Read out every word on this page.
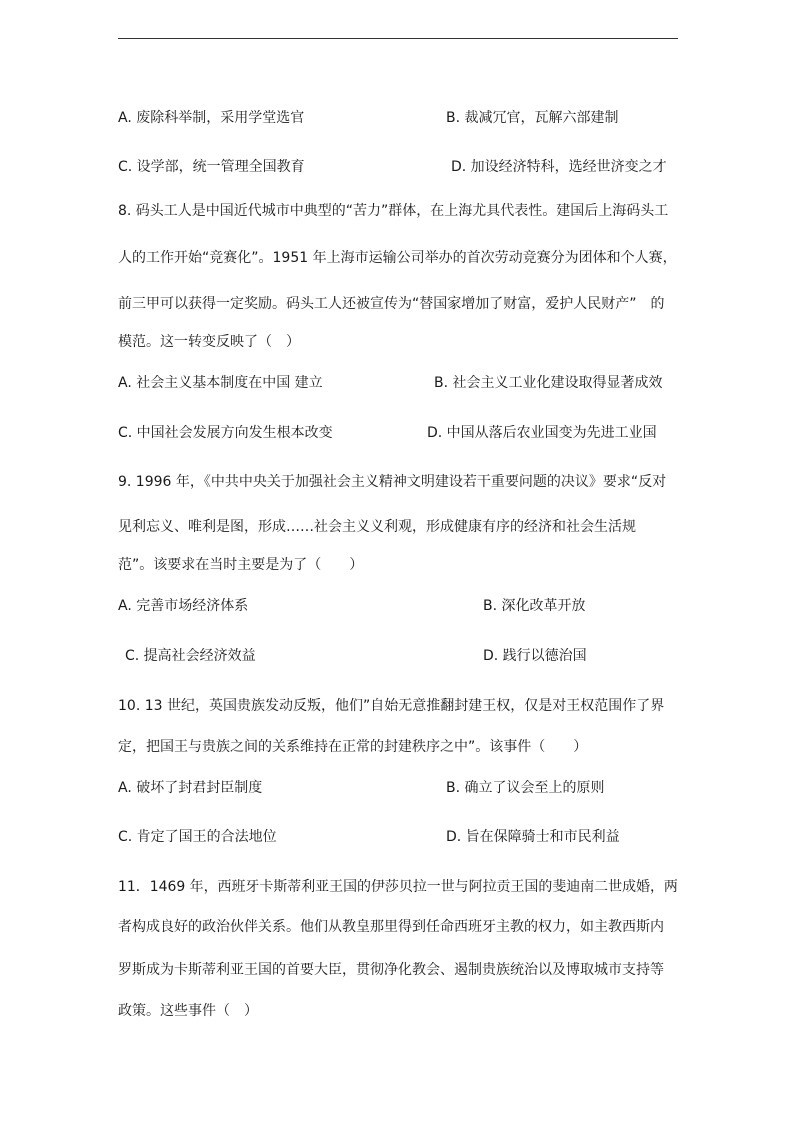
A. 废除科举制，采用学堂选官	B. 裁减冗官，瓦解六部建制
C. 设学部，统一管理全国教育	D. 加设经济特科，选经世济变之才
8. 码头工人是中国近代城市中典型的“苦力”群体，在上海尤具代表性。建国后上海码头工
人的工作开始“竞赛化”。1951 年上海市运输公司举办的首次劳动竞赛分为团体和个人赛，
前三甲可以获得一定奖励。码头工人还被宣传为“替国家增加了财富，爱护人民财产”　的
模范。这一转变反映了（　）
A. 社会主义基本制度在中国 建立	B. 社会主义工业化建设取得显著成效
C. 中国社会发展方向发生根本改变	D. 中国从落后农业国变为先进工业国
9. 1996 年，《中共中央关于加强社会主义精神文明建设若干重要问题的决议》要求“反对
见利忘义、唯利是图，形成……社会主义义利观，形成健康有序的经济和社会生活规
范”。该要求在当时主要是为了（　　）
A. 完善市场经济体系	B. 深化改革开放
C. 提高社会经济效益	D. 践行以德治国
10. 13 世纪，英国贵族发动反叛，他们”自始无意推翻封建王权，仅是对王权范围作了界
定，把国王与贵族之间的关系维持在正常的封建秩序之中”。该事件（　　）
A. 破坏了封君封臣制度	B. 确立了议会至上的原则
C. 肯定了国王的合法地位	D. 旨在保障骑士和市民利益
11．1469 年，西班牙卡斯蒂利亚王国的伊莎贝拉一世与阿拉贡王国的斐迪南二世成婚，两
者构成良好的政治伙伴关系。他们从教皇那里得到任命西班牙主教的权力，如主教西斯内
罗斯成为卡斯蒂利亚王国的首要大臣，贯彻净化教会、遏制贵族统治以及博取城市支持等
政策。这些事件（　）
